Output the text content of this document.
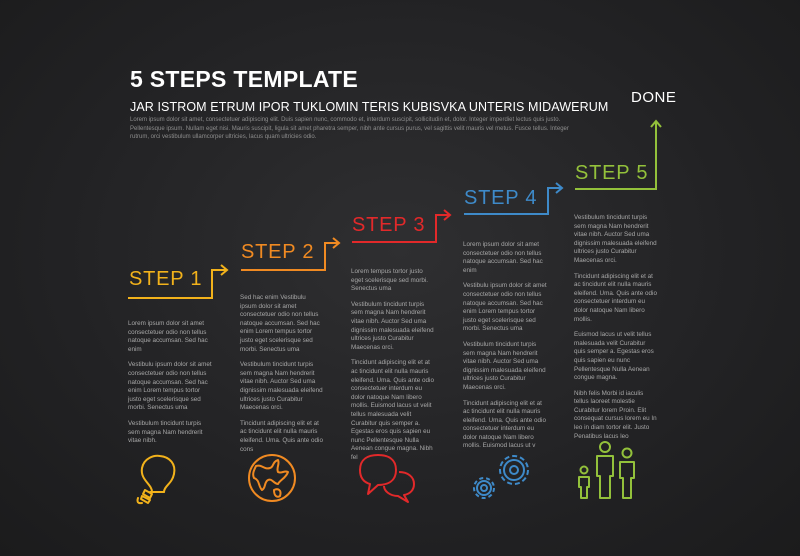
5 STEPS TEMPLATE
JAR ISTROM ETRUM IPOR TUKLOMIN TERIS KUBISVKA UNTERIS MIDAWERUM
Lorem ipsum dolor sit amet, consectetuer adipiscing elit. Duis sapien nunc, commodo et, interdum suscipit, sollicitudin et, dolor. Integer imperdiet lectus quis justo. Pellentesque ipsum. Nullam eget nisi. Mauris suscipit, ligula sit amet pharetra semper, nibh ante cursus purus, vel sagittis velit mauris vel metus. Fusce tellus. Integer rutrum, orci vestibulum ullamcorper ultricies, lacus quam ultricies odio.
DONE
STEP 1
STEP 2
STEP 3
STEP 4
STEP 5

Lorem ipsum dolor sit amet consectetuer odio non tellus natoque accumsan. Sed hac enim

Vestibulu ipsum dolor sit amet consectetuer odio non tellus natoque accumsan. Sed hac enim Lorem tempus tortor justo eget scelerisque sed morbi. Senectus uma

Vestibulum tincidunt turpis sem magna Nam hendrerit vitae nibh.

Sed hac enim Vestibulu ipsum dolor sit amet consectetuer odio non tellus natoque accumsan. Sed hac enim Lorem tempus tortor justo eget scelerisque sed morbi. Senectus uma

Vestibulum tincidunt turpis sem magna Nam hendrerit vitae nibh. Auctor Sed uma dignissim malesuada eleifend ultrices justo Curabitur Maecenas orci.

Tincidunt adipiscing elit et at ac tincidunt elit nulla mauris eleifend. Uma. Quis ante odio cons

Lorem tempus tortor justo eget scelerisque sed morbi. Senectus uma

Vestibulum tincidunt turpis sem magna Nam hendrerit vitae nibh. Auctor Sed uma dignissim malesuada eleifend ultrices justo Curabitur Maecenas orci.

Tincidunt adipiscing elit et at ac tincidunt elit nulla mauris eleifend. Uma. Quis ante odio consectetuer interdum eu dolor natoque Nam libero mollis. Euismod lacus ut velit tellus malesuada velit Curabitur quis semper a. Egestas eros quis sapien eu nunc Pellentesque Nulla Aenean congue magna. Nibh fel

Lorem ipsum dolor sit amet consectetuer odio non tellus natoque accumsan. Sed hac enim

Vestibulu ipsum dolor sit amet consectetuer odio non tellus natoque accumsan. Sed hac enim Lorem tempus tortor justo eget scelerisque sed morbi. Senectus uma

Vestibulum tincidunt turpis sem magna Nam hendrerit vitae nibh. Auctor Sed uma dignissim malesuada eleifend ultrices justo Curabitur Maecenas orci.

Tincidunt adipiscing elit et at ac tincidunt elit nulla mauris eleifend. Uma. Quis ante odio consectetuer interdum eu dolor natoque Nam libero mollis. Euismod lacus ut v

Vestibulum tincidunt turpis sem magna Nam hendrerit vitae nibh. Auctor Sed uma dignissim malesuada eleifend ultrices justo Curabitur Maecenas orci.

Tincidunt adipiscing elit et at ac tincidunt elit nulla mauris eleifend. Uma. Quis ante odio consectetuer interdum eu dolor natoque Nam libero mollis.

Euismod lacus ut velit tellus malesuada velit Curabitur quis semper a. Egestas eros quis sapien eu nunc Pellentesque Nulla Aenean congue magna.

Nibh felis Morbi id iaculis tellus laoreet molestie Curabitur lorem Proin. Elit consequat cursus lorem eu In leo in diam tortor elit. Justo Penatibus lacus leo
